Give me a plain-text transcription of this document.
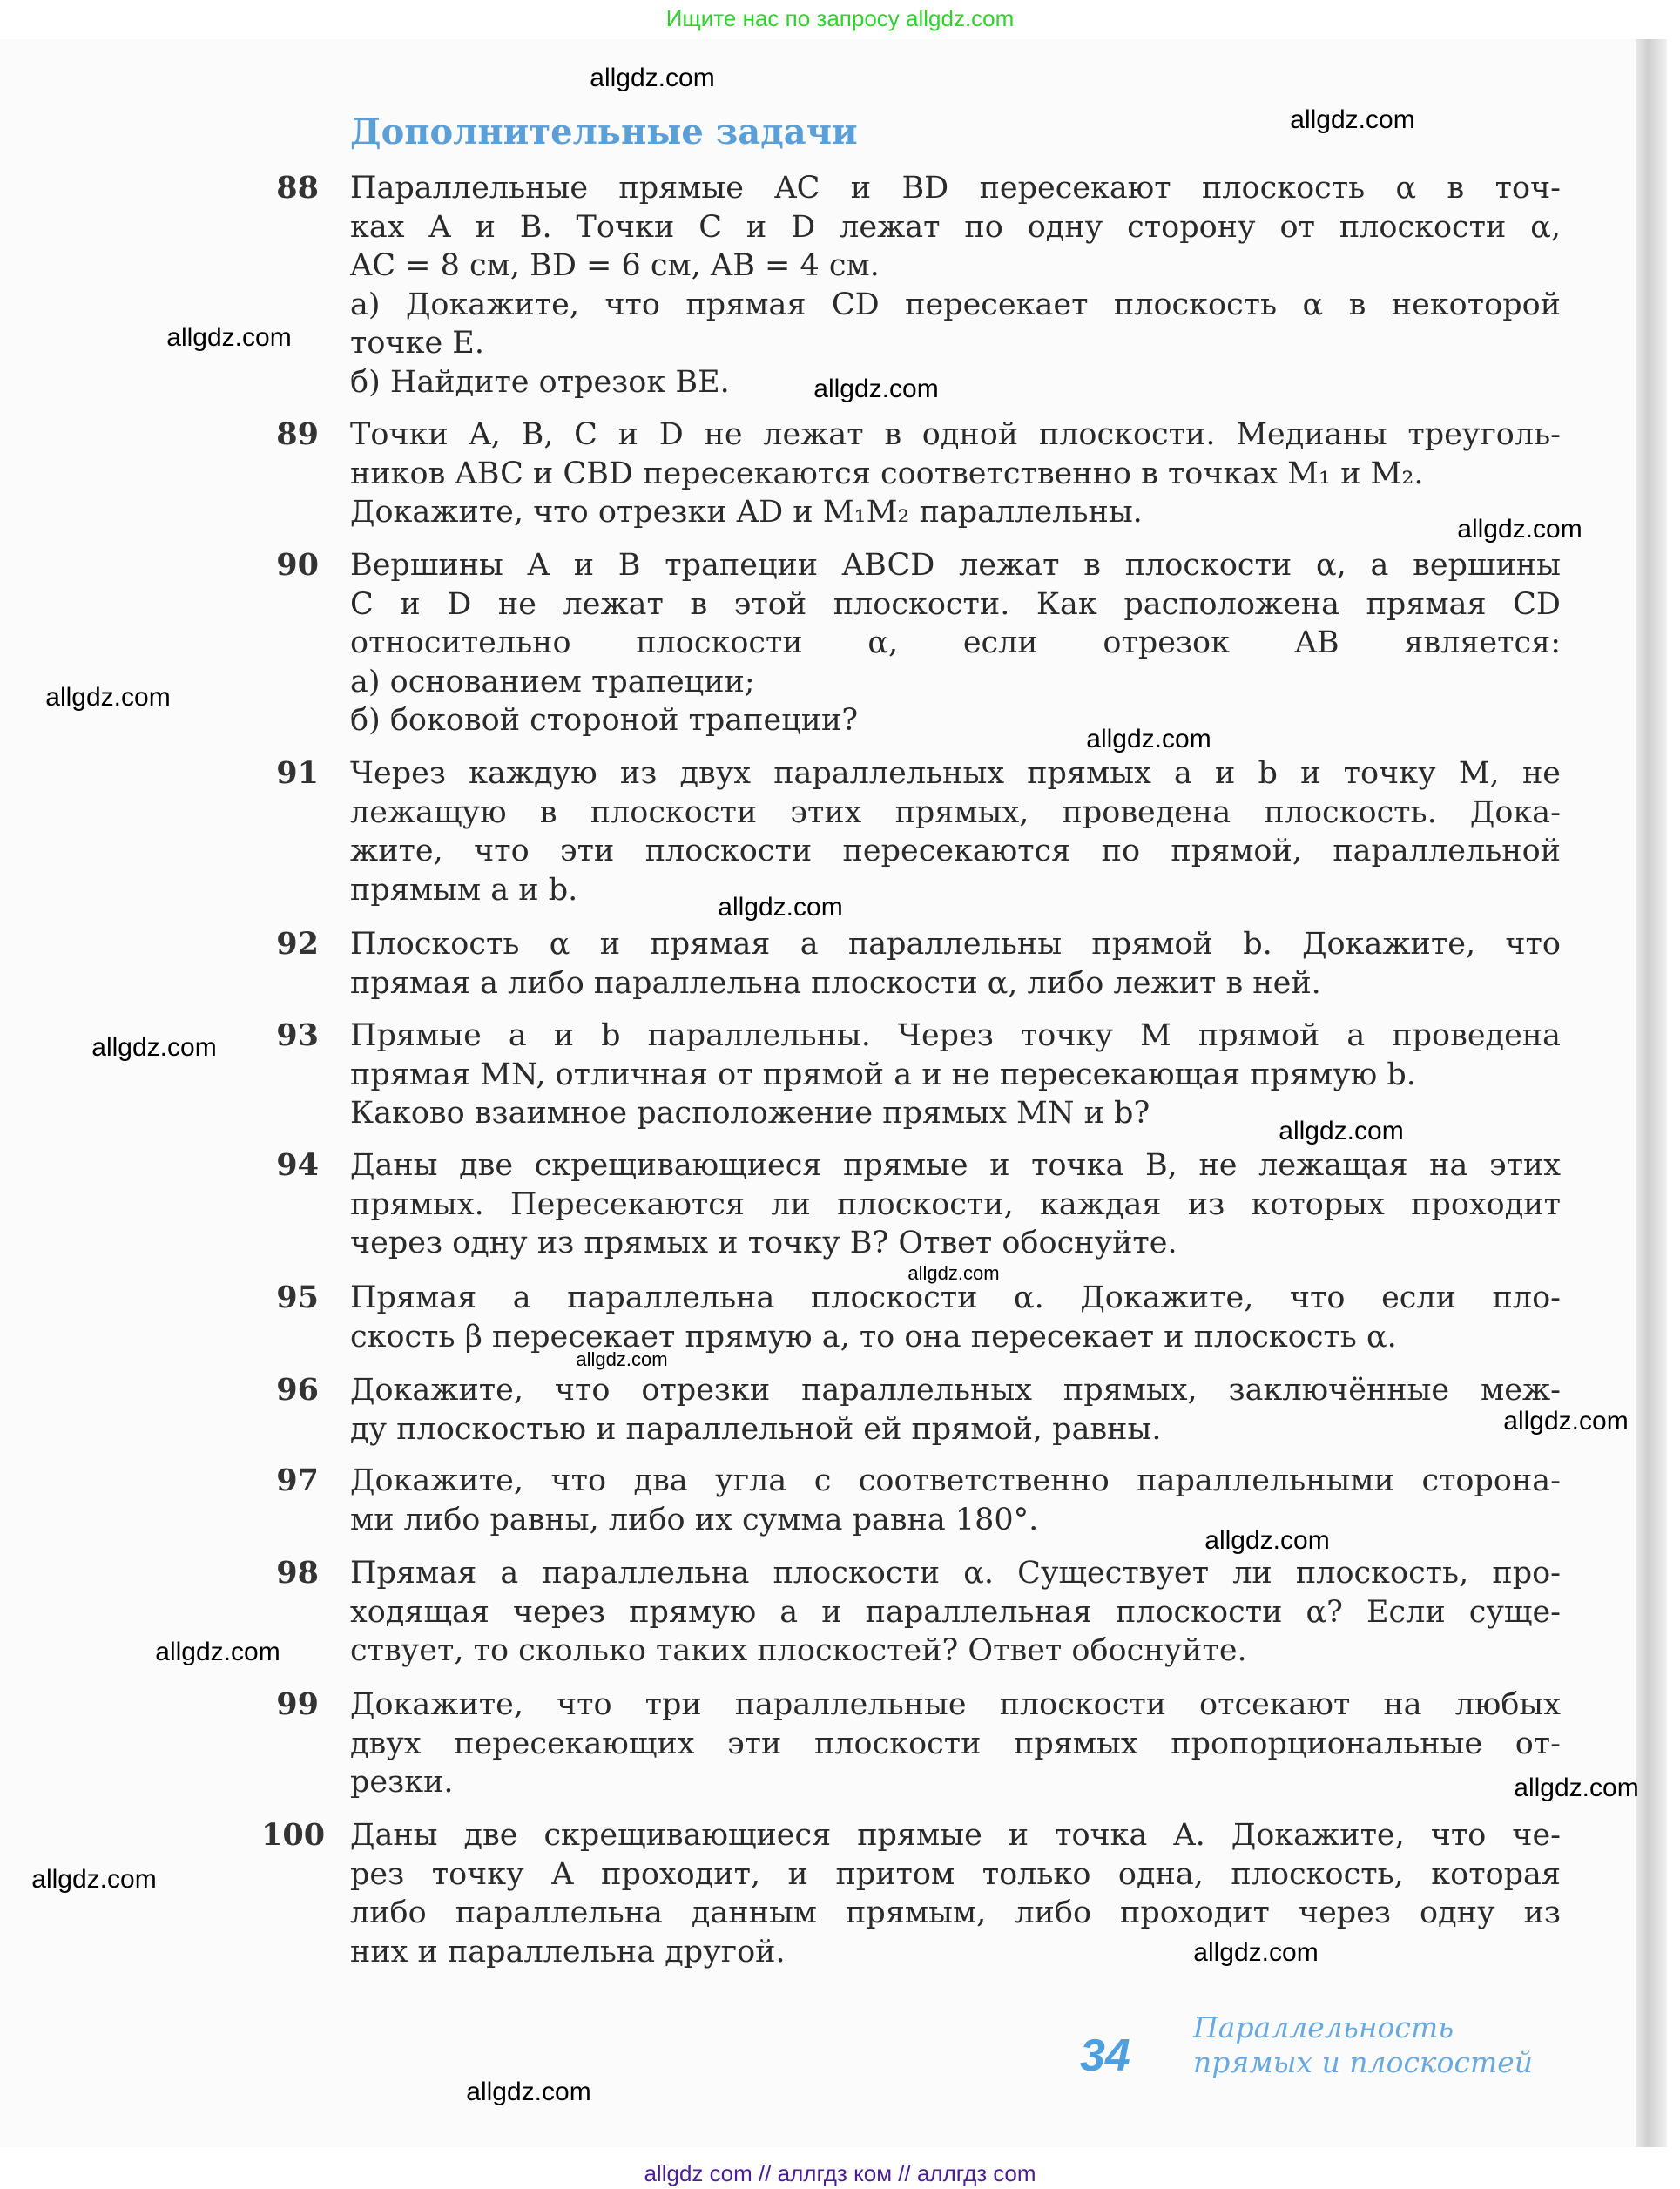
Ищите нас по запросу allgdz.com
Дополнительные задачи
88 Параллельные прямые AC и BD пересекают плоскость α в точ-
ках A и B. Точки C и D лежат по одну сторону от плоскости α,
AC = 8 см, BD = 6 см, AB = 4 см.
а) Докажите, что прямая CD пересекает плоскость α в некоторой
точке E.
б) Найдите отрезок BE.
89 Точки A, B, C и D не лежат в одной плоскости. Медианы треуголь-
ников ABC и CBD пересекаются соответственно в точках M₁ и M₂.
Докажите, что отрезки AD и M₁M₂ параллельны.
90 Вершины A и B трапеции ABCD лежат в плоскости α, а вершины
C и D не лежат в этой плоскости. Как расположена прямая CD
относительно плоскости α, если отрезок AB является:
а) основанием трапеции;
б) боковой стороной трапеции?
91 Через каждую из двух параллельных прямых a и b и точку M, не
лежащую в плоскости этих прямых, проведена плоскость. Дока-
жите, что эти плоскости пересекаются по прямой, параллельной
прямым a и b.
92 Плоскость α и прямая a параллельны прямой b. Докажите, что
прямая a либо параллельна плоскости α, либо лежит в ней.
93 Прямые a и b параллельны. Через точку M прямой a проведена
прямая MN, отличная от прямой a и не пересекающая прямую b.
Каково взаимное расположение прямых MN и b?
94 Даны две скрещивающиеся прямые и точка B, не лежащая на этих
прямых. Пересекаются ли плоскости, каждая из которых проходит
через одну из прямых и точку B? Ответ обоснуйте.
95 Прямая a параллельна плоскости α. Докажите, что если пло-
скость β пересекает прямую a, то она пересекает и плоскость α.
96 Докажите, что отрезки параллельных прямых, заключённые меж-
ду плоскостью и параллельной ей прямой, равны.
97 Докажите, что два угла с соответственно параллельными сторона-
ми либо равны, либо их сумма равна 180°.
98 Прямая a параллельна плоскости α. Существует ли плоскость, про-
ходящая через прямую a и параллельная плоскости α? Если суще-
ствует, то сколько таких плоскостей? Ответ обоснуйте.
99 Докажите, что три параллельные плоскости отсекают на любых
двух пересекающих эти плоскости прямых пропорциональные от-
резки.
100 Даны две скрещивающиеся прямые и точка A. Докажите, что че-
рез точку A проходит, и притом только одна, плоскость, которая
либо параллельна данным прямым, либо проходит через одну из
них и параллельна другой.
34
Параллельность
прямых и плоскостей
allgdz.com
allgdz.com
allgdz.com
allgdz.com
allgdz.com
allgdz.com
allgdz.com
allgdz.com
allgdz.com
allgdz.com
allgdz.com
allgdz.com
allgdz.com
allgdz.com
allgdz.com
allgdz.com
allgdz.com
allgdz.com
allgdz.com
allgdz com // аллгдз ком // аллгдз com
